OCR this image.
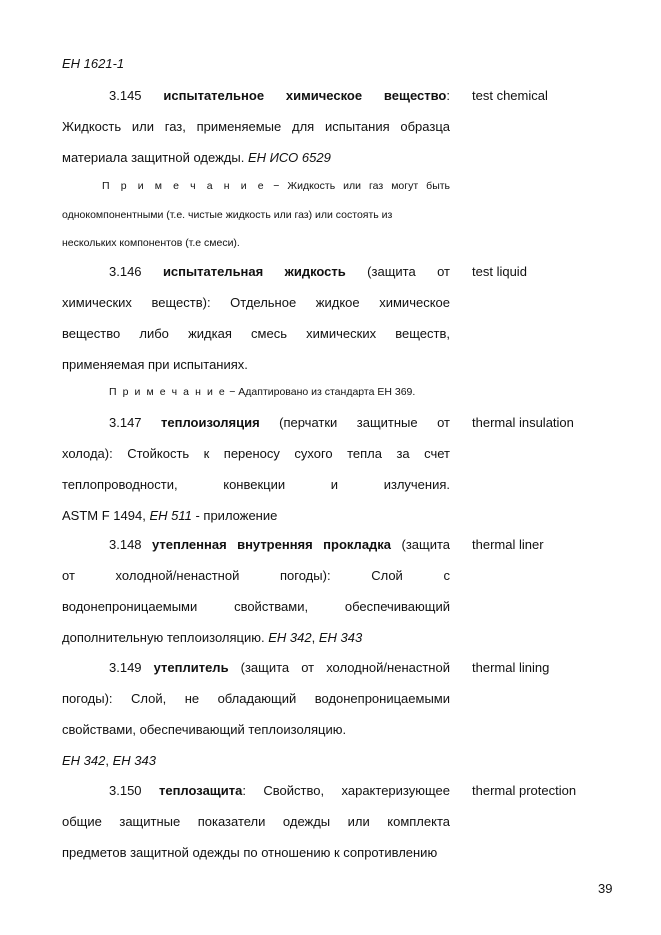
ЕН 1621-1
3.145 испытательное химическое вещество:
Жидкость или газ, применяемые для испытания образца
материала защитной одежды. ЕН ИСО 6529
test chemical
П р и м е ч а н и е − Жидкость или газ могут быть
однокомпонентными (т.е. чистые жидкость или газ) или состоять из
нескольких компонентов (т.е смеси).
3.146 испытательная жидкость (защита от
химических веществ): Отдельное жидкое химическое
вещество либо жидкая смесь химических веществ,
применяемая при испытаниях.
test liquid
П р и м е ч а н и е − Адаптировано из стандарта ЕН 369.
3.147 теплоизоляция (перчатки защитные от
холода): Стойкость к переносу сухого тепла за счет
теплопроводности, конвекции и излучения.
ASTM F 1494, ЕН 511 - приложение
thermal insulation
3.148 утепленная внутренняя прокладка (защита
от холодной/ненастной погоды): Слой с
водонепроницаемыми свойствами, обеспечивающий
дополнительную теплоизоляцию. ЕН 342, ЕН 343
thermal liner
3.149 утеплитель (защита от холодной/ненастной
погоды): Слой, не обладающий водонепроницаемыми
свойствами, обеспечивающий теплоизоляцию.
ЕН 342, ЕН 343
thermal lining
3.150 теплозащита: Свойство, характеризующее
общие защитные показатели одежды или комплекта
предметов защитной одежды по отношению к сопротивлению
thermal protection
39
